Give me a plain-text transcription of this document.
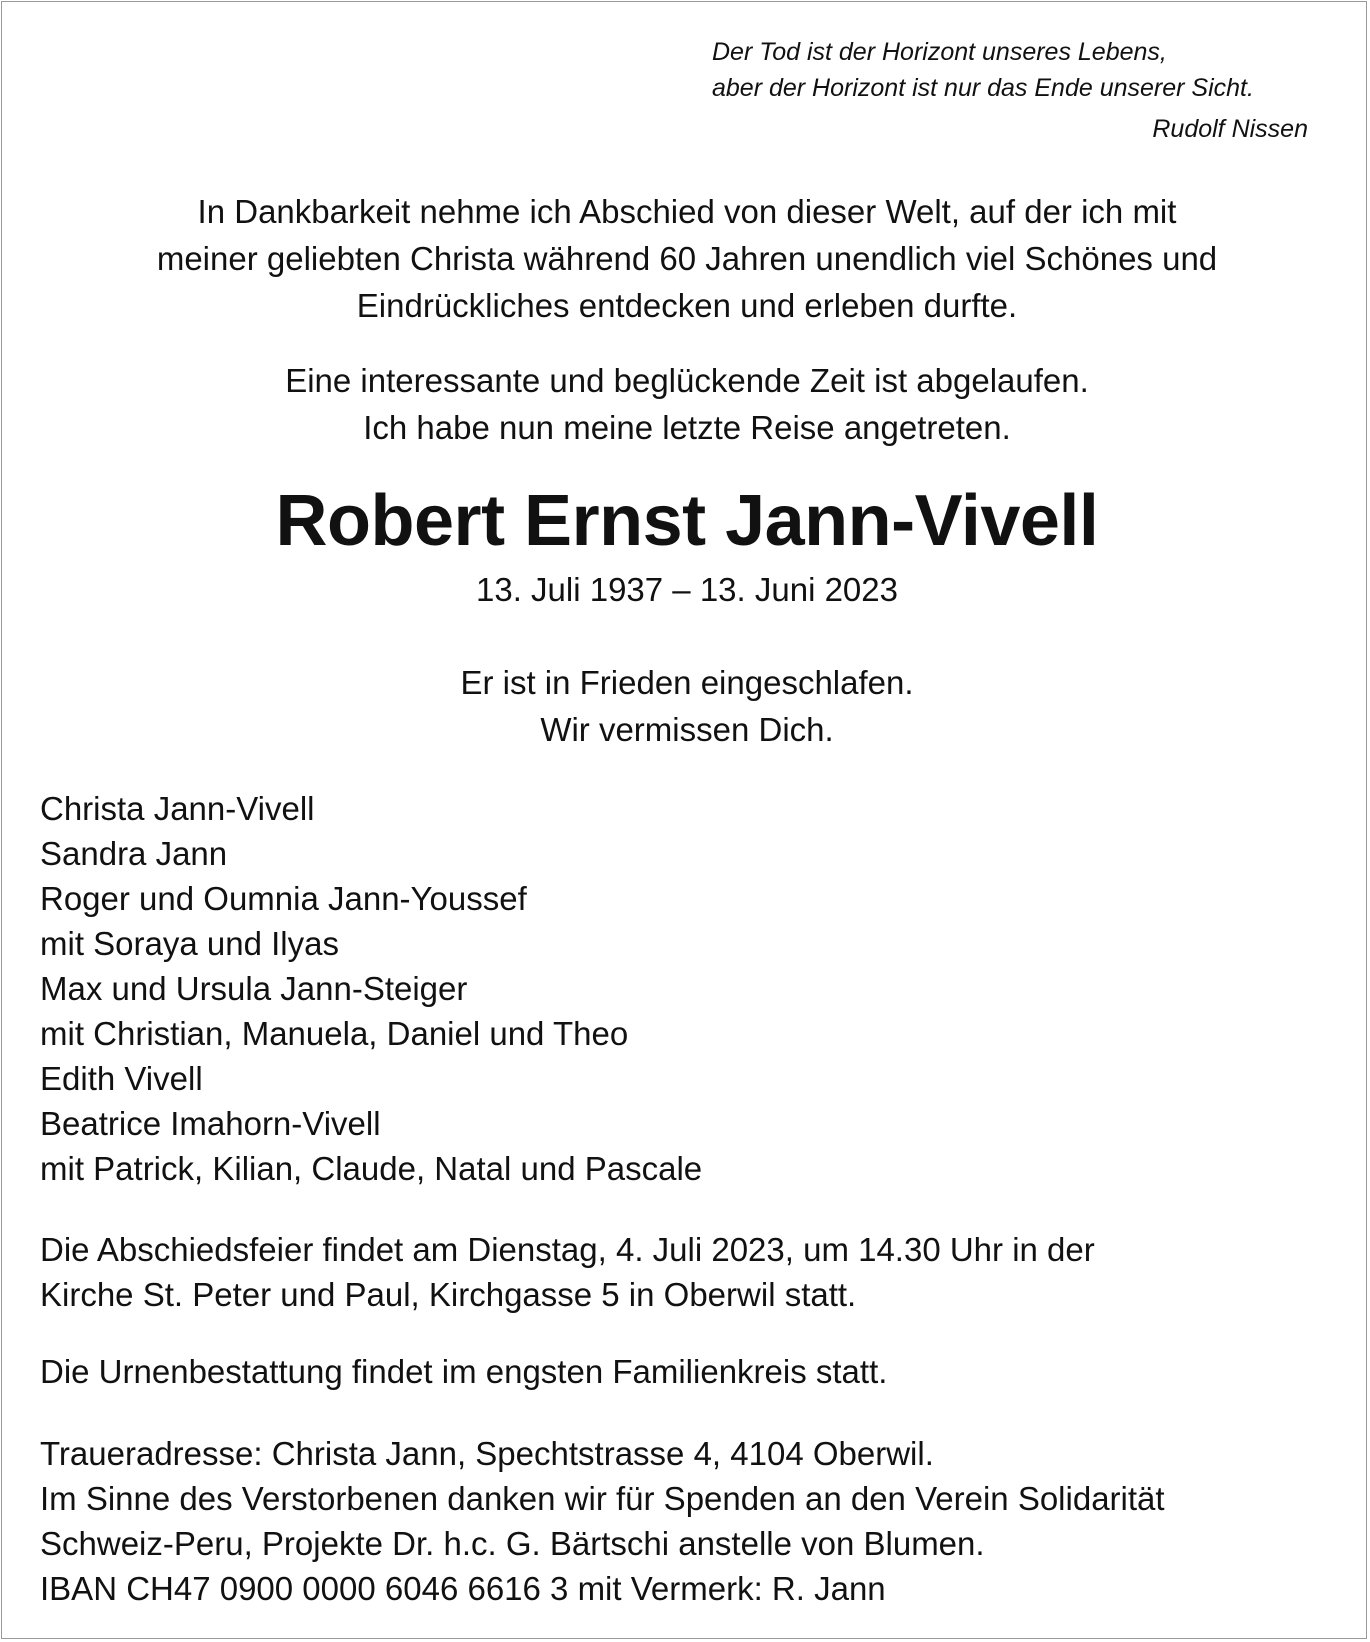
Der Tod ist der Horizont unseres Lebens,
aber der Horizont ist nur das Ende unserer Sicht.
Rudolf Nissen
In Dankbarkeit nehme ich Abschied von dieser Welt, auf der ich mit
meiner geliebten Christa während 60 Jahren unendlich viel Schönes und
Eindrückliches entdecken und erleben durfte.
Eine interessante und beglückende Zeit ist abgelaufen.
Ich habe nun meine letzte Reise angetreten.
Robert Ernst Jann-Vivell
13. Juli 1937 – 13. Juni 2023
Er ist in Frieden eingeschlafen.
Wir vermissen Dich.
Christa Jann-Vivell
Sandra Jann
Roger und Oumnia Jann-Youssef
mit Soraya und Ilyas
Max und Ursula Jann-Steiger
mit Christian, Manuela, Daniel und Theo
Edith Vivell
Beatrice Imahorn-Vivell
mit Patrick, Kilian, Claude, Natal und Pascale
Die Abschiedsfeier findet am Dienstag, 4. Juli 2023, um 14.30 Uhr in der
Kirche St. Peter und Paul, Kirchgasse 5 in Oberwil statt.
Die Urnenbestattung findet im engsten Familienkreis statt.
Traueradresse: Christa Jann, Spechtstrasse 4, 4104 Oberwil.
Im Sinne des Verstorbenen danken wir für Spenden an den Verein Solidarität
Schweiz-Peru, Projekte Dr. h.c. G. Bärtschi anstelle von Blumen.
IBAN CH47 0900 0000 6046 6616 3 mit Vermerk: R. Jann
